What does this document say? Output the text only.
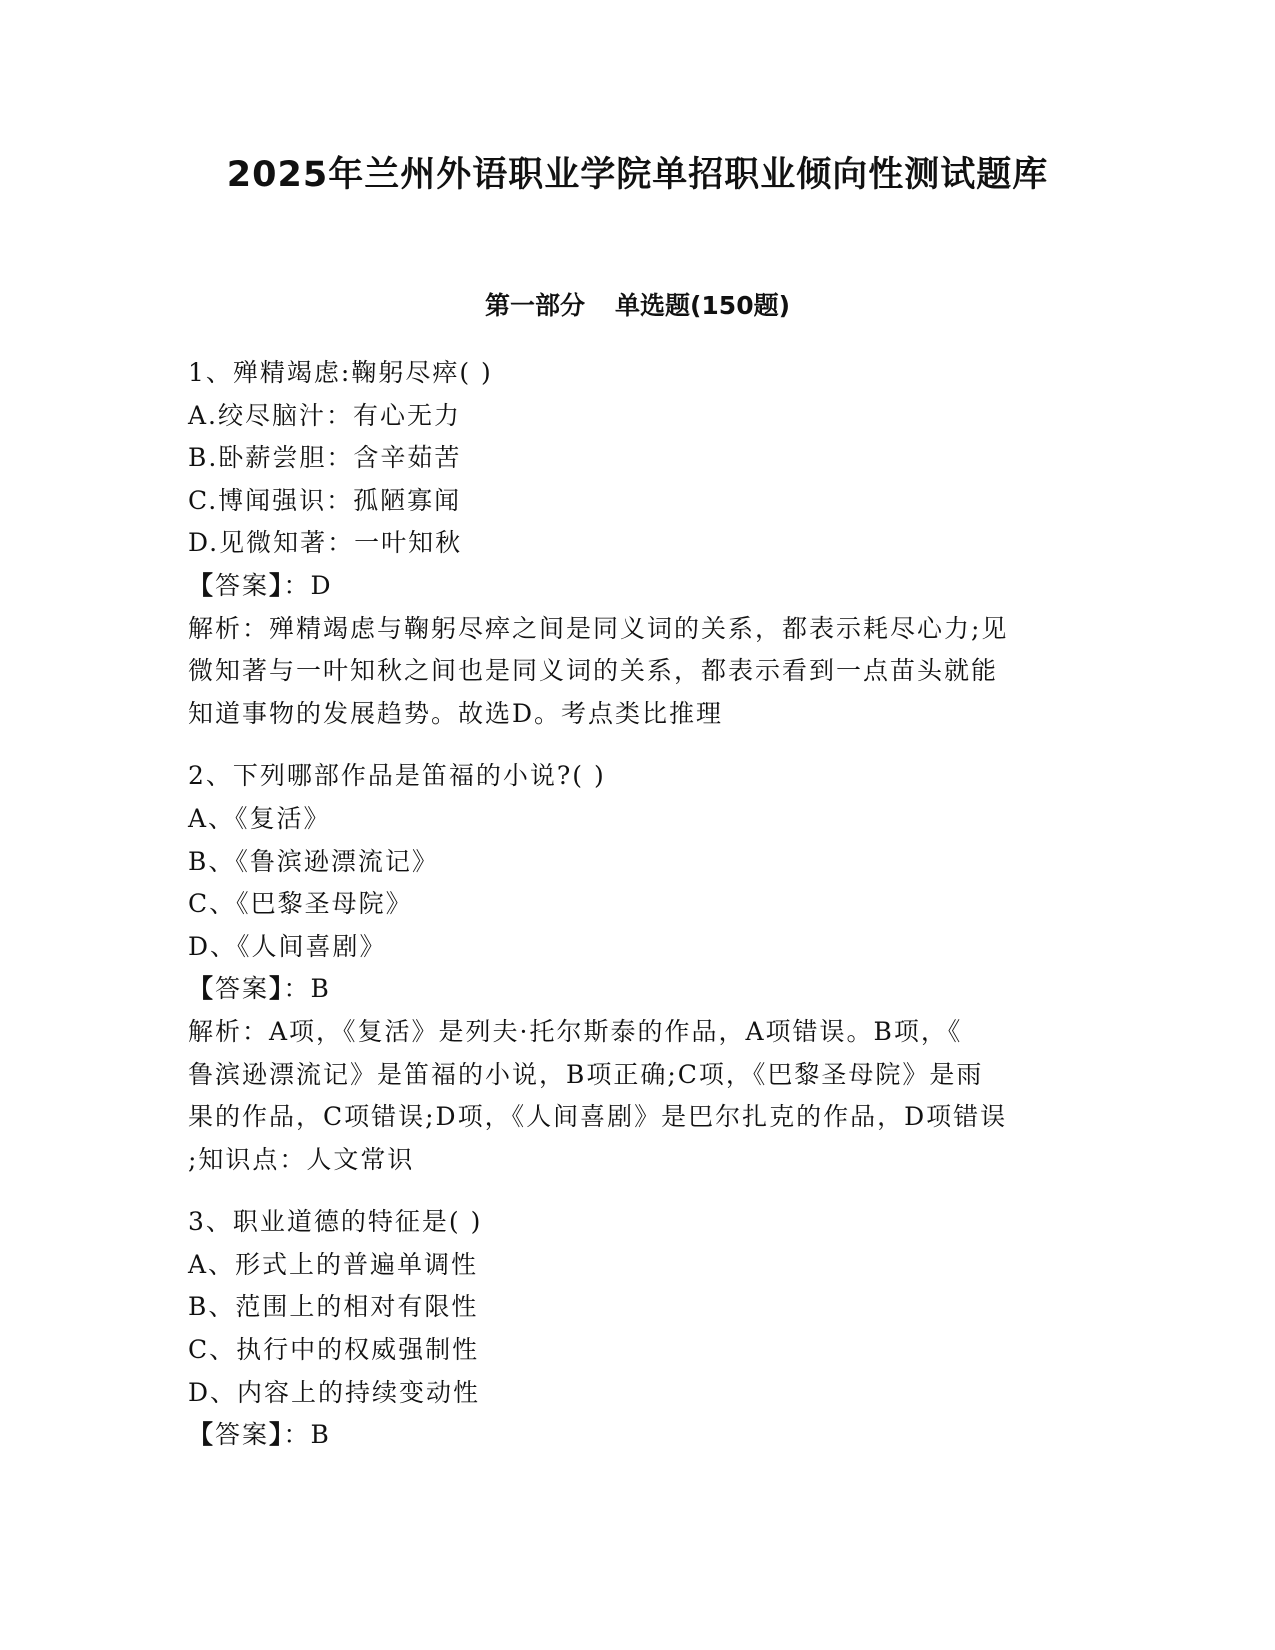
2025年兰州外语职业学院单招职业倾向性测试题库
第一部分 单选题(150题)
1、殚精竭虑:鞠躬尽瘁( )
A.绞尽脑汁：有心无力
B.卧薪尝胆：含辛茹苦
C.博闻强识：孤陋寡闻
D.见微知著：一叶知秋
【答案】：D
解析：殚精竭虑与鞠躬尽瘁之间是同义词的关系，都表示耗尽心力;见
微知著与一叶知秋之间也是同义词的关系，都表示看到一点苗头就能
知道事物的发展趋势。故选D。考点类比推理
2、下列哪部作品是笛福的小说?( )
A、《复活》
B、《鲁滨逊漂流记》
C、《巴黎圣母院》
D、《人间喜剧》
【答案】：B
解析：A项，《复活》是列夫·托尔斯泰的作品，A项错误。B项，《
鲁滨逊漂流记》是笛福的小说，B项正确;C项，《巴黎圣母院》是雨
果的作品，C项错误;D项，《人间喜剧》是巴尔扎克的作品，D项错误
;知识点：人文常识
3、职业道德的特征是( )
A、形式上的普遍单调性
B、范围上的相对有限性
C、执行中的权威强制性
D、内容上的持续变动性
【答案】：B
